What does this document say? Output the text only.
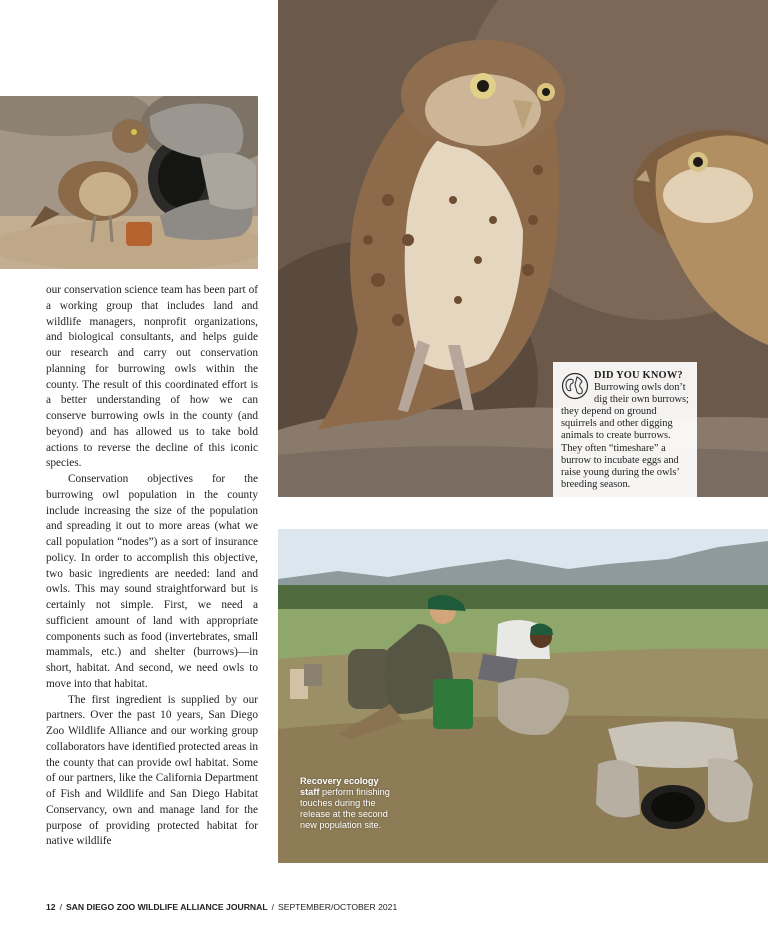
DID YOU KNOW?
Burrowing owls don’t dig their own burrows; they depend on ground squirrels and other digging animals to create burrows. They often “timeshare” a burrow to incubate eggs and raise young during the owls’ breeding season.
Recovery ecology staff perform finishing touches during the release at the second new population site.

our conservation science team has been part of a working group that includes land and wildlife managers, nonprofit organizations, and biological consultants, and helps guide our research and carry out conservation planning for burrowing owls within the county. The result of this coordinated effort is a better understanding of how we can conserve burrowing owls in the county (and beyond) and has allowed us to take bold actions to reverse the decline of this iconic species.

Conservation objectives for the burrowing owl population in the county include increasing the size of the population and spreading it out to more areas (what we call population “nodes”) as a sort of insurance policy. In order to accomplish this objective, two basic ingredients are needed: land and owls. This may sound straightforward but is certainly not simple. First, we need a sufficient amount of land with appropriate components such as food (invertebrates, small mammals, etc.) and shelter (burrows)—in short, habitat. And second, we need owls to move into that habitat.

The first ingredient is supplied by our partners. Over the past 10 years, San Diego Zoo Wildlife Alliance and our working group collaborators have identified protected areas in the county that can provide owl habitat. Some of our partners, like the California Department of Fish and Wildlife and San Diego Habitat Conservancy, own and manage land for the purpose of providing protected habitat for native wildlife

12 / SAN DIEGO ZOO WILDLIFE ALLIANCE JOURNAL / SEPTEMBER/OCTOBER 2021
